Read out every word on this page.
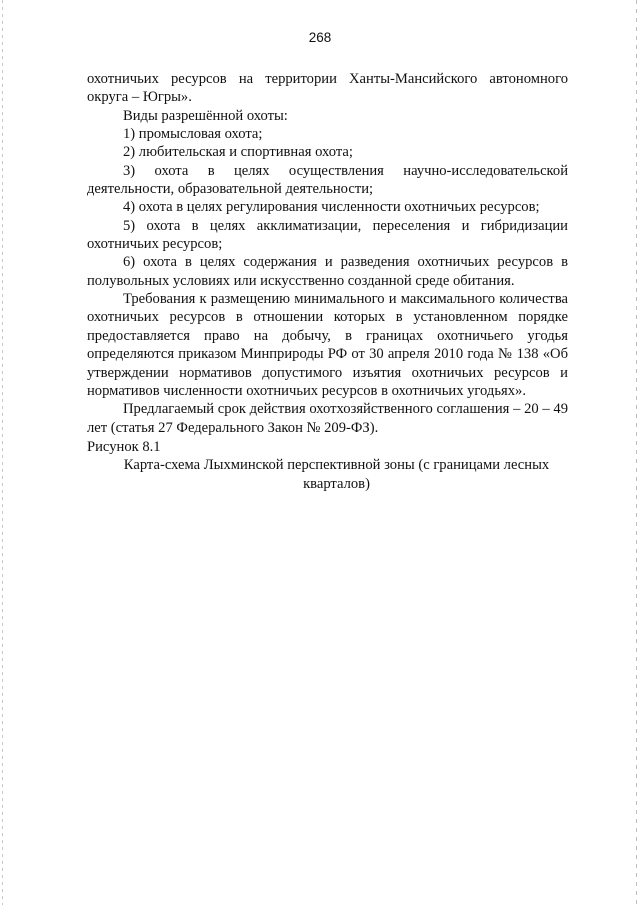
268

охотничьих ресурсов на территории Ханты-Мансийского автономного округа – Югры».

Виды разрешённой охоты:

1) промысловая охота;

2) любительская и спортивная охота;

3) охота в целях осуществления научно-исследовательской деятельности, образовательной деятельности;

4) охота в целях регулирования численности охотничьих ресурсов;

5) охота в целях акклиматизации, переселения и гибридизации охотничьих ресурсов;

6) охота в целях содержания и разведения охотничьих ресурсов в полувольных условиях или искусственно созданной среде обитания.

Требования к размещению минимального и максимального количества охотничьих ресурсов в отношении которых в установленном порядке предоставляется право на добычу, в границах охотничьего угодья определяются приказом Минприроды РФ от 30 апреля 2010 года № 138 «Об утверждении нормативов допустимого изъятия охотничьих ресурсов и нормативов численности охотничьих ресурсов в охотничьих угодьях».

Предлагаемый срок действия охотхозяйственного соглашения – 20 – 49 лет (статья 27 Федерального Закон № 209-ФЗ).

Рисунок 8.1

Карта-схема Лыхминской перспективной зоны (с границами лесных кварталов)
